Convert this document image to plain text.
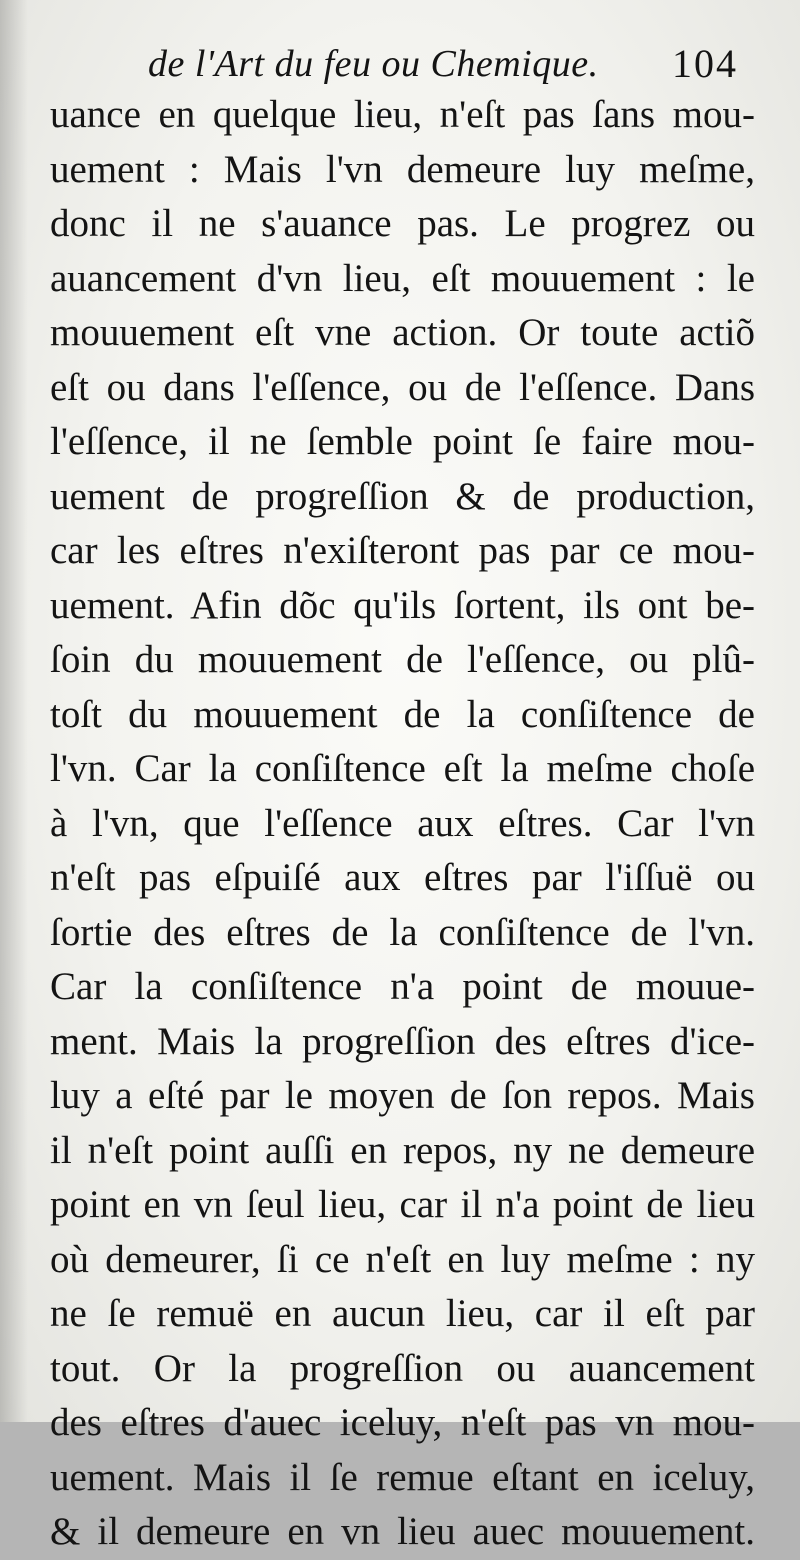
de l'Art du feu ou Chemique. 104
uance en quelque lieu, n'eſt pas ſans mou-
uement : Mais l'vn demeure luy meſme,
donc il ne s'auance pas. Le progrez ou
auancement d'vn lieu, eſt mouuement : le
mouuement eſt vne action. Or toute actiõ
eſt ou dans l'eſſence, ou de l'eſſence. Dans
l'eſſence, il ne ſemble point ſe faire mou-
uement de progreſſion & de production,
car les eſtres n'exiſteront pas par ce mou-
uement. Afin dõc qu'ils ſortent, ils ont be-
ſoin du mouuement de l'eſſence, ou plû-
toſt du mouuement de la conſiſtence de
l'vn. Car la conſiſtence eſt la meſme choſe
à l'vn, que l'eſſence aux eſtres. Car l'vn
n'eſt pas eſpuiſé aux eſtres par l'iſſuë ou
ſortie des eſtres de la conſiſtence de l'vn.
Car la conſiſtence n'a point de mouue-
ment. Mais la progreſſion des eſtres d'ice-
luy a eſté par le moyen de ſon repos. Mais
il n'eſt point auſſi en repos, ny ne demeure
point en vn ſeul lieu, car il n'a point de lieu
où demeurer, ſi ce n'eſt en luy meſme : ny
ne ſe remuë en aucun lieu, car il eſt par
tout. Or la progreſſion ou auancement
des eſtres d'auec iceluy, n'eſt pas vn mou-
uement. Mais il ſe remue eſtant en iceluy,
& il demeure en vn lieu auec mouuement.
